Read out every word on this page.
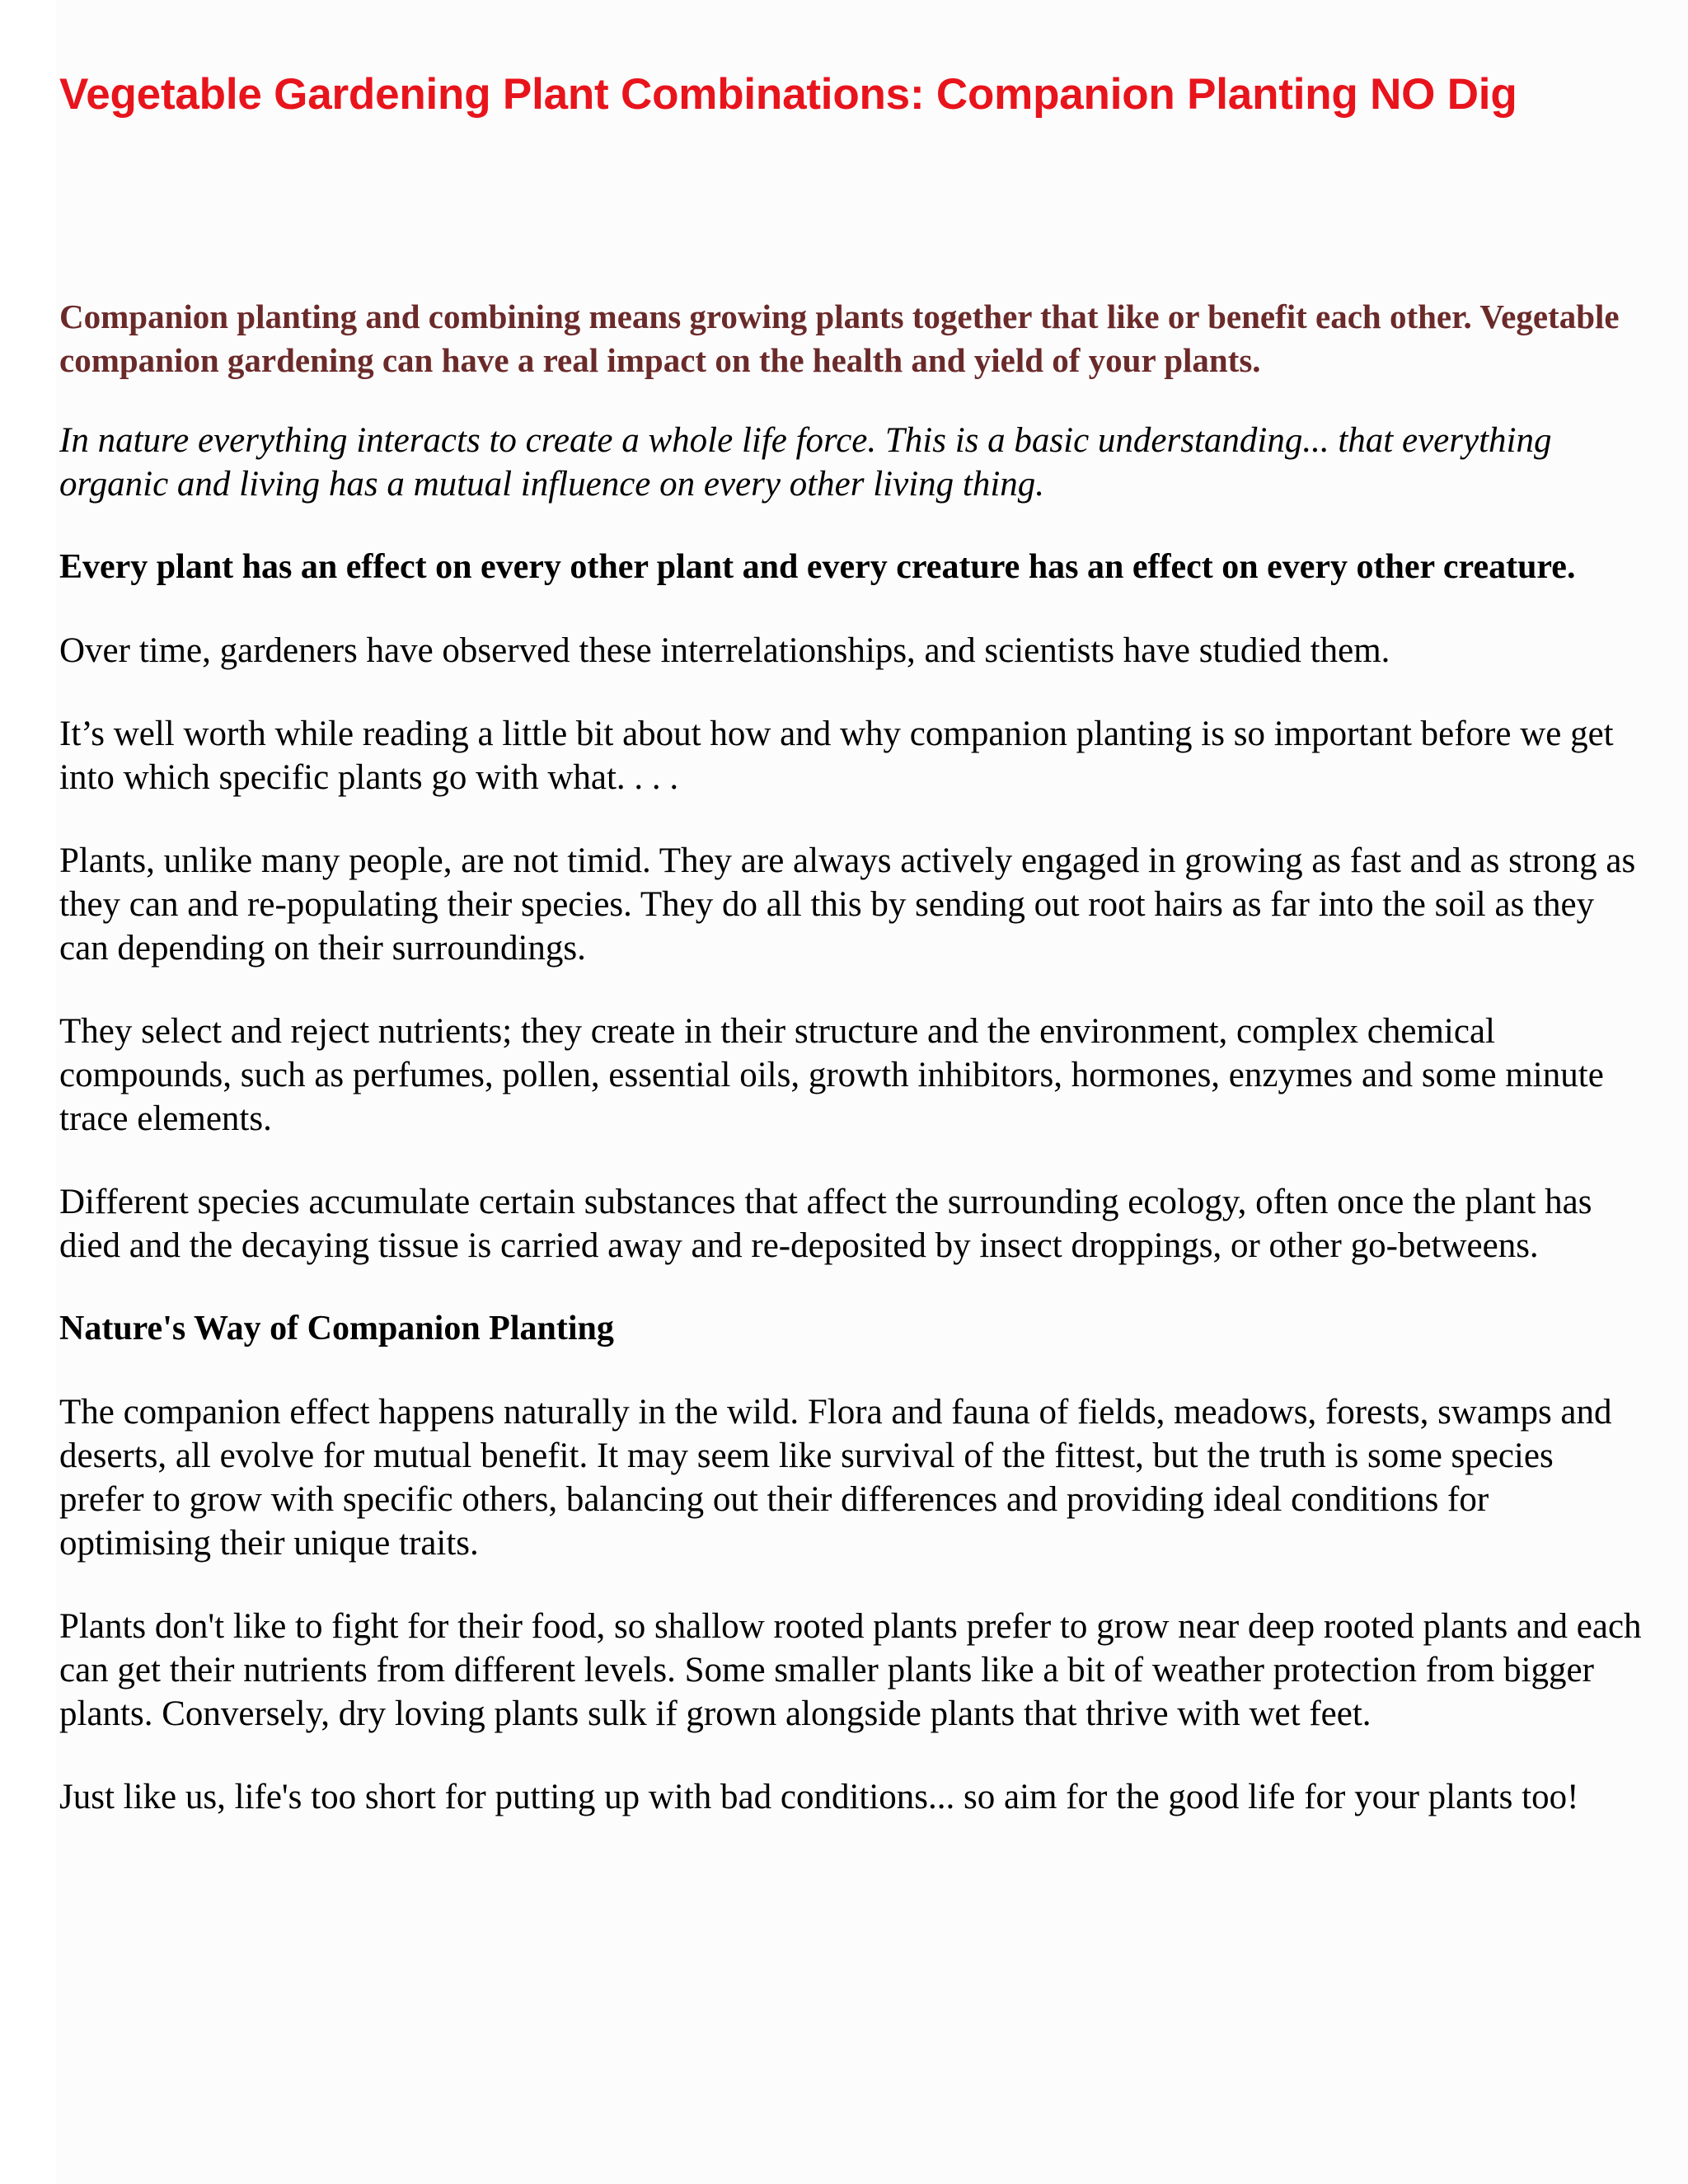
Vegetable Gardening Plant Combinations: Companion Planting NO Dig

Companion planting and combining means growing plants together that like or benefit each other. Vegetable companion gardening can have a real impact on the health and yield of your plants.

In nature everything interacts to create a whole life force. This is a basic understanding... that everything organic and living has a mutual influence on every other living thing.

Every plant has an effect on every other plant and every creature has an effect on every other creature.

Over time, gardeners have observed these interrelationships, and scientists have studied them.

It’s well worth while reading a little bit about how and why companion planting is so important before we get into which specific plants go with what. . . .

Plants, unlike many people, are not timid. They are always actively engaged in growing as fast and as strong as they can and re-populating their species. They do all this by sending out root hairs as far into the soil as they can depending on their surroundings.

They select and reject nutrients; they create in their structure and the environment, complex chemical compounds, such as perfumes, pollen, essential oils, growth inhibitors, hormones, enzymes and some minute trace elements.

Different species accumulate certain substances that affect the surrounding ecology, often once the plant has died and the decaying tissue is carried away and re-deposited by insect droppings, or other go-betweens.

Nature's Way of Companion Planting

The companion effect happens naturally in the wild. Flora and fauna of fields, meadows, forests, swamps and deserts, all evolve for mutual benefit. It may seem like survival of the fittest, but the truth is some species prefer to grow with specific others, balancing out their differences and providing ideal conditions for optimising their unique traits.

Plants don't like to fight for their food, so shallow rooted plants prefer to grow near deep rooted plants and each can get their nutrients from different levels. Some smaller plants like a bit of weather protection from bigger plants. Conversely, dry loving plants sulk if grown alongside plants that thrive with wet feet.

Just like us, life's too short for putting up with bad conditions... so aim for the good life for your plants too!
